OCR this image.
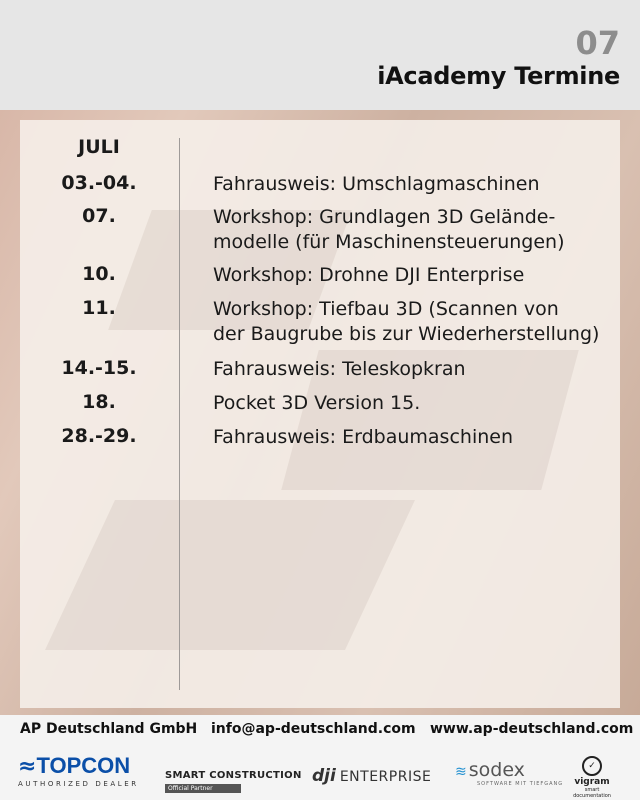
07
iAcademy Termine
JULI
03.-04.	Fahrausweis: Umschlagmaschinen
07.	Workshop: Grundlagen 3D Gelände-
modelle (für Maschinensteuerungen)
10.	Workshop: Drohne DJI Enterprise
11.	Workshop: Tiefbau 3D (Scannen von
der Baugrube bis zur Wiederherstellung)
14.-15.	Fahrausweis: Teleskopkran
18.	Pocket 3D Version 15.
28.-29.	Fahrausweis: Erdbaumaschinen
AP Deutschland GmbH info@ap-deutschland.com www.ap-deutschland.com
≈TOPCON
AUTHORIZED DEALER
SMART CONSTRUCTION
Official Partner
dji ENTERPRISE ≋ sodex
SOFTWARE MIT TIEFGANG
✓
vigram
smart documentation
